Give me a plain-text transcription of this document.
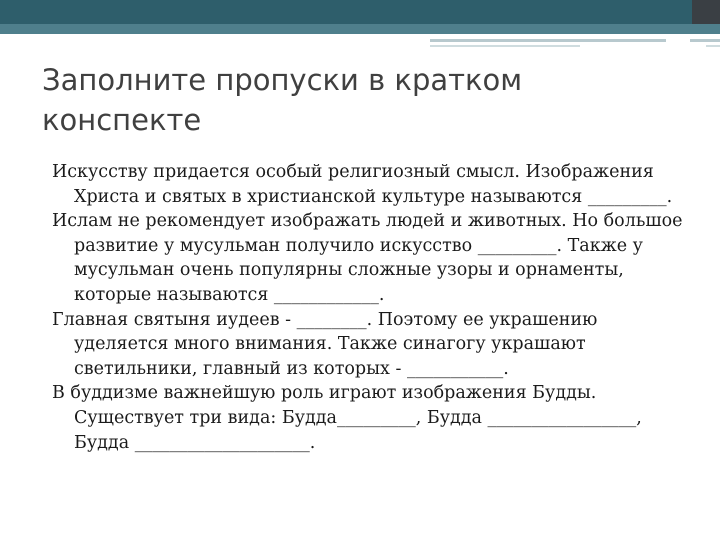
Заполните пропуски в кратком конспекте

Искусству придается особый религиозный смысл. Изображения Христа и святых в христианской культуре называются _________.

Ислам не рекомендует изображать людей и животных. Но большое развитие у мусульман получило искусство _________. Также у мусульман очень популярны сложные узоры и орнаменты, которые называются ____________.

Главная святыня иудеев - ________. Поэтому ее украшению уделяется много внимания. Также синагогу украшают светильники, главный из которых - ___________.

В буддизме важнейшую роль играют изображения Будды. Существует три вида: Будда_________, Будда _________________, Будда ____________________.
